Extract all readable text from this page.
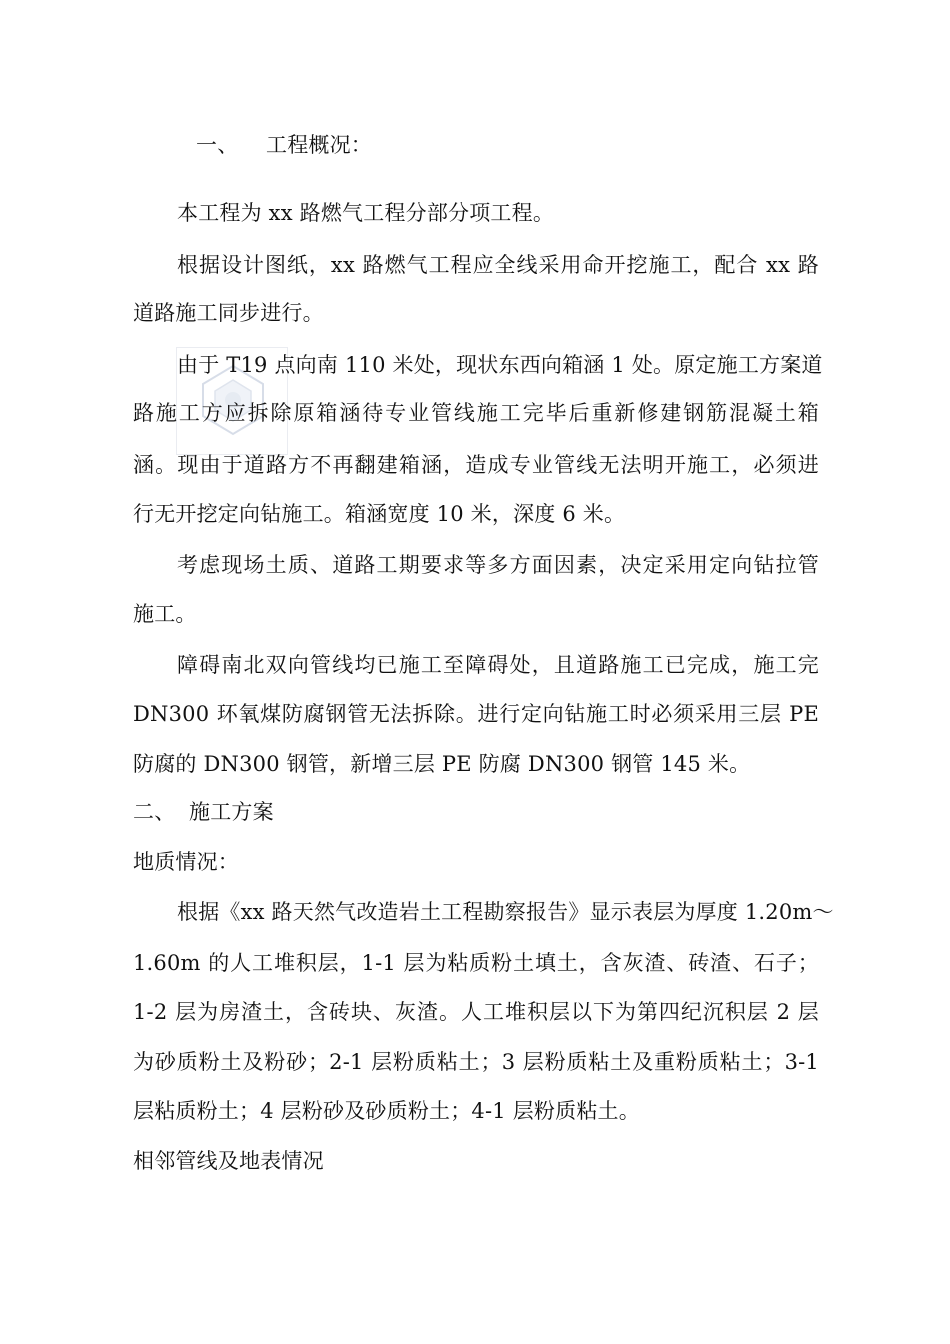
一、 工程概况：
本工程为 xx 路燃气工程分部分项工程。
根据设计图纸，xx 路燃气工程应全线采用命开挖施工，配合 xx 路
道路施工同步进行。
由于 T19 点向南 110 米处，现状东西向箱涵 1 处。原定施工方案道
路施工方应拆除原箱涵待专业管线施工完毕后重新修建钢筋混凝土箱
涵。现由于道路方不再翻建箱涵，造成专业管线无法明开施工，必须进
行无开挖定向钻施工。箱涵宽度 10 米，深度 6 米。
考虑现场土质、道路工期要求等多方面因素，决定采用定向钻拉管
施工。
障碍南北双向管线均已施工至障碍处，且道路施工已完成，施工完
DN300 环氧煤防腐钢管无法拆除。进行定向钻施工时必须采用三层 PE
防腐的 DN300 钢管，新增三层 PE 防腐 DN300 钢管 145 米。
二、 施工方案
地质情况：
根据《xx 路天然气改造岩土工程勘察报告》显示表层为厚度 1.20m～
1.60m 的人工堆积层，1-1 层为粘质粉土填土，含灰渣、砖渣、石子；
1-2 层为房渣土，含砖块、灰渣。人工堆积层以下为第四纪沉积层 2 层
为砂质粉土及粉砂；2-1 层粉质粘土；3 层粉质粘土及重粉质粘土；3-1
层粘质粉土；4 层粉砂及砂质粉土；4-1 层粉质粘土。
相邻管线及地表情况
